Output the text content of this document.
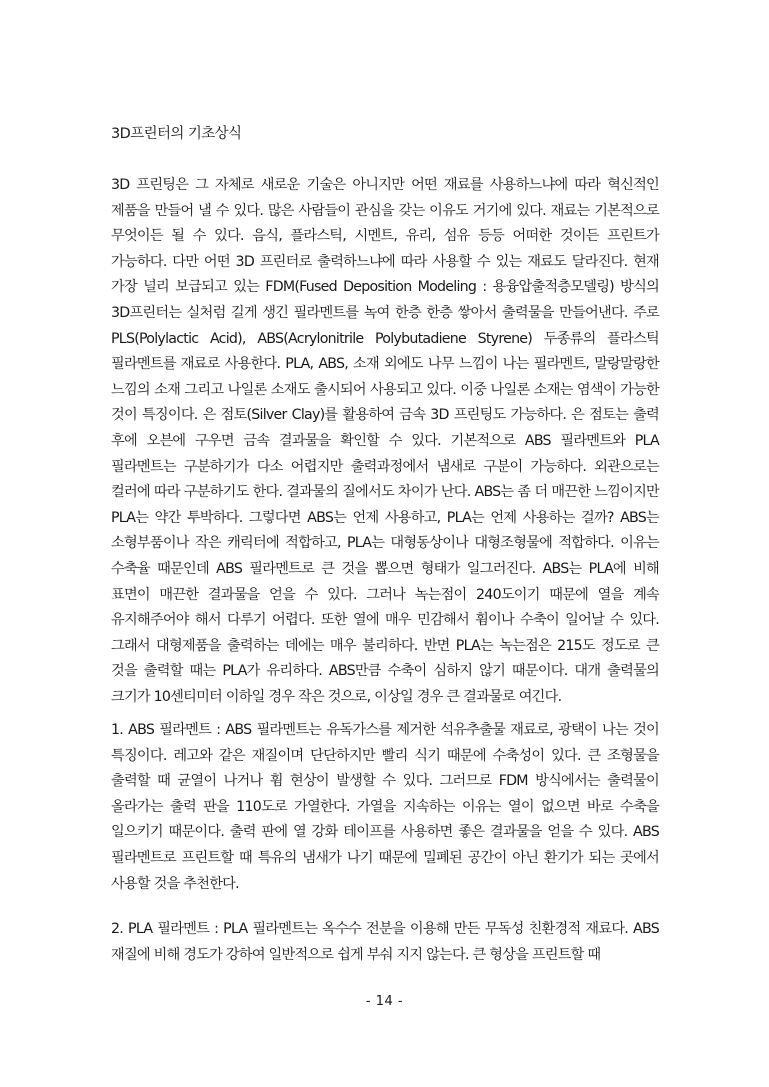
3D프린터의 기초상식

3D 프린팅은 그 자체로 새로운 기술은 아니지만 어떤 재료를 사용하느냐에 따라 혁신적인 제품을 만들어 낼 수 있다. 많은 사람들이 관심을 갖는 이유도 거기에 있다. 재료는 기본적으로 무엇이든 될 수 있다. 음식, 플라스틱, 시멘트, 유리, 섬유 등등 어떠한 것이든 프린트가 가능하다. 다만 어떤 3D 프린터로 출력하느냐에 따라 사용할 수 있는 재료도 달라진다. 현재 가장 널리 보급되고 있는 FDM(Fused Deposition Modeling : 용융압출적층모델링) 방식의 3D프린터는 실처럼 길게 생긴 필라멘트를 녹여 한층 한층 쌓아서 출력물을 만들어낸다. 주로 PLS(Polylactic Acid), ABS(Acrylonitrile Polybutadiene Styrene) 두종류의 플라스틱 필라멘트를 재료로 사용한다. PLA, ABS, 소재 외에도 나무 느낌이 나는 필라멘트, 말랑말랑한 느낌의 소재 그리고 나일론 소재도 출시되어 사용되고 있다. 이중 나일론 소재는 염색이 가능한 것이 특징이다. 은 점토(Silver Clay)를 활용하여 금속 3D 프린팅도 가능하다. 은 점토는 출력 후에 오븐에 구우면 금속 결과물을 확인할 수 있다. 기본적으로 ABS 필라멘트와 PLA 필라멘트는 구분하기가 다소 어렵지만 출력과정에서 냄새로 구분이 가능하다. 외관으로는 컬러에 따라 구분하기도 한다. 결과물의 질에서도 차이가 난다. ABS는 좀 더 매끈한 느낌이지만 PLA는 약간 투박하다. 그렇다면 ABS는 언제 사용하고, PLA는 언제 사용하는 걸까? ABS는 소형부품이나 작은 캐릭터에 적합하고, PLA는 대형동상이나 대형조형물에 적합하다. 이유는 수축율 때문인데 ABS 필라멘트로 큰 것을 뽑으면 형태가 일그러진다. ABS는 PLA에 비해 표면이 매끈한 결과물을 얻을 수 있다. 그러나 녹는점이 240도이기 때문에 열을 계속 유지해주어야 해서 다루기 어렵다. 또한 열에 매우 민감해서 휨이나 수축이 일어날 수 있다. 그래서 대형제품을 출력하는 데에는 매우 불리하다. 반면 PLA는 녹는점은 215도 정도로 큰 것을 출력할 때는 PLA가 유리하다. ABS만큼 수축이 심하지 않기 때문이다. 대개 출력물의 크기가 10센티미터 이하일 경우 작은 것으로, 이상일 경우 큰 결과물로 여긴다.

1. ABS 필라멘트 : ABS 필라멘트는 유독가스를 제거한 석유추출물 재료로, 광택이 나는 것이 특징이다. 레고와 같은 재질이며 단단하지만 빨리 식기 때문에 수축성이 있다. 큰 조형물을 출력할 때 균열이 나거나 휨 현상이 발생할 수 있다. 그러므로 FDM 방식에서는 출력물이 올라가는 출력 판을 110도로 가열한다. 가열을 지속하는 이유는 열이 없으면 바로 수축을 일으키기 때문이다. 출력 판에 열 강화 테이프를 사용하면 좋은 결과물을 얻을 수 있다. ABS 필라멘트로 프린트할 때 특유의 냄새가 나기 때문에 밀폐된 공간이 아닌 환기가 되는 곳에서 사용할 것을 추천한다.

2. PLA 필라멘트 : PLA 필라멘트는 옥수수 전분을 이용해 만든 무독성 친환경적 재료다. ABS 재질에 비해 경도가 강하여 일반적으로 쉽게 부숴 지지 않는다. 큰 형상을 프린트할 때

- 14 -
